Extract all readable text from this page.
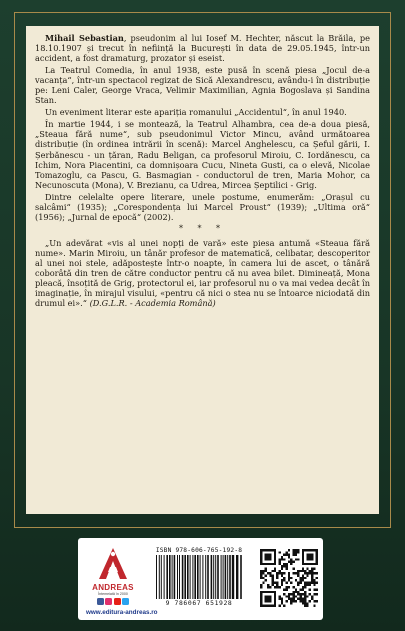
Mihail Sebastian, pseudonim al lui Iosef M. Hechter, născut la Brăila, pe 18.10.1907 și trecut în neființă la București în data de 29.05.1945, într-un accident, a fost dramaturg, prozator și eseist.

La Teatrul Comedia, în anul 1938, este pusă în scenă piesa „Jocul de-a vacanța“, într-un spectacol regizat de Sică Alexandrescu, avându-i în distribuție pe: Leni Caler, George Vraca, Velimir Maximilian, Agnia Bogoslava și Sandina Stan.

Un eveniment literar este apariția romanului „Accidentul“, în anul 1940.

În martie 1944, i se montează, la Teatrul Alhambra, cea de-a doua piesă, „Steaua fără nume“, sub pseudonimul Victor Mincu, având următoarea distribuție (în ordinea intrării în scenă): Marcel Anghelescu, ca Șeful gării, I. Șerbănescu - un țăran, Radu Beligan, ca profesorul Miroiu, C. Iordănescu, ca Ichim, Nora Piacentini, ca domnișoara Cucu, Nineta Gusti, ca o elevă, Nicolae Tomazoglu, ca Pascu, G. Basmagian - conductorul de tren, Maria Mohor, ca Necunoscuta (Mona), V. Brezianu, ca Udrea, Mircea Șeptilici - Grig.

Dintre celelalte opere literare, unele postume, enumerăm: „Orașul cu salcâmi“ (1935); „Corespondența lui Marcel Proust“ (1939); „Ultima oră“ (1956); „Jurnal de epocă“ (2002).

* * *

„Un adevărat «vis al unei nopți de vară» este piesa antumă «Steaua fără nume». Marin Miroiu, un tânăr profesor de matematică, celibatar, descoperitor al unei noi stele, adăpostește într-o noapte, în camera lui de ascet, o tânără coborâtă din tren de către conductor pentru că nu avea bilet. Dimineață, Mona pleacă, însoțită de Grig, protectorul ei, iar profesorul nu o va mai vedea decât în imaginație, în mirajul visului, «pentru că nici o stea nu se întoarce niciodată din drumul ei».“ (D.G.L.R. - Academia Română)

ANDREAS
Întemeiată în 2000
www.editura-andreas.ro
ISBN 978-606-765-192-8
9 786067 651928
